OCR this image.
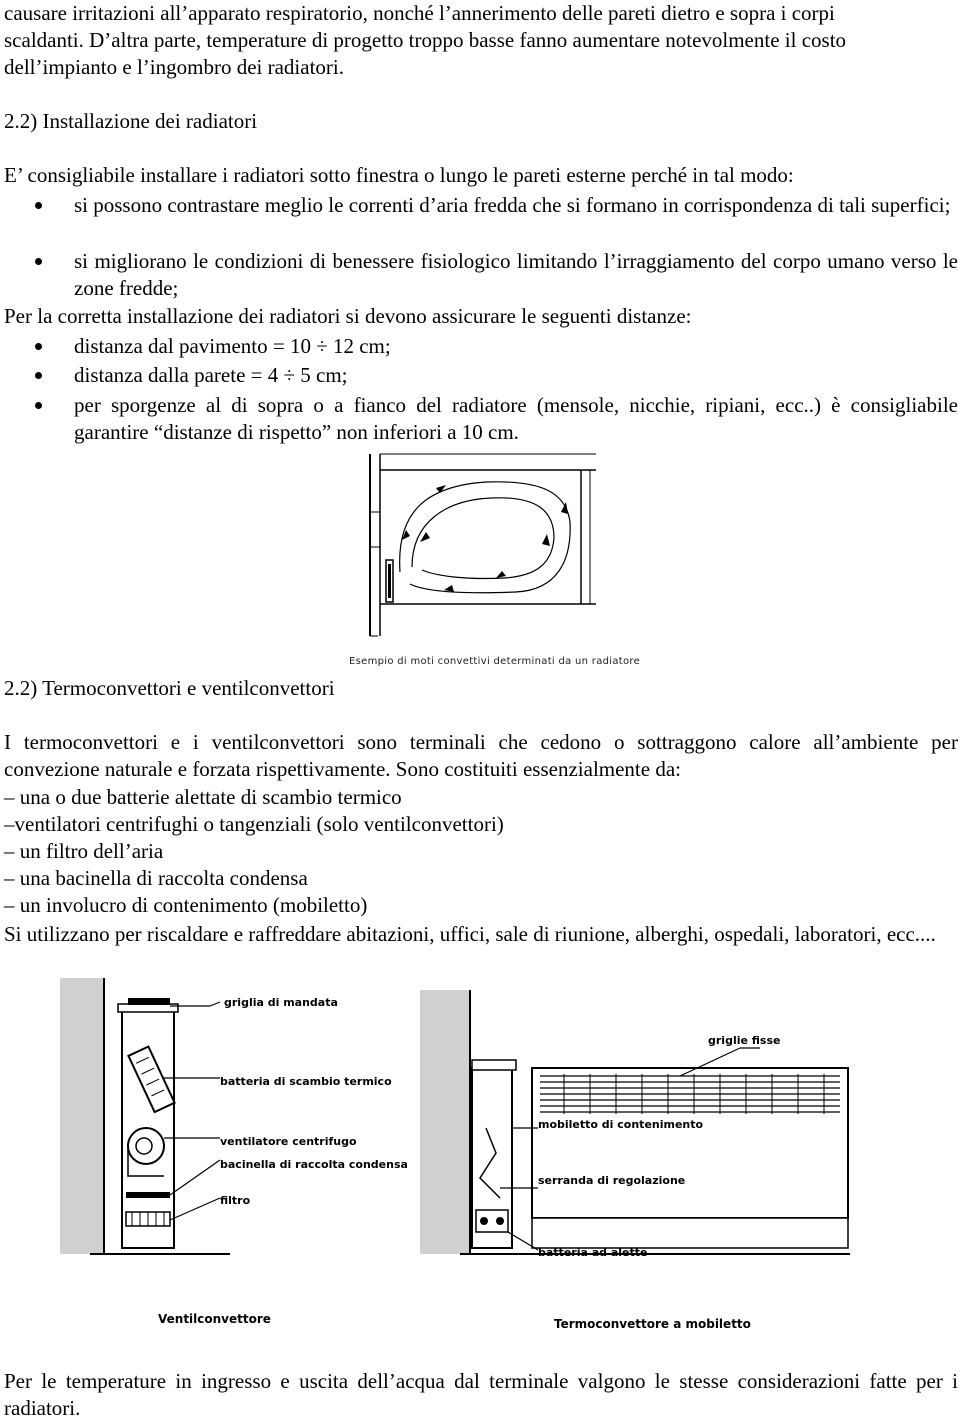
causare irritazioni all’apparato respiratorio, nonché l’annerimento delle pareti dietro e sopra i corpi

scaldanti. D’altra parte, temperature di progetto troppo basse fanno aumentare notevolmente il costo

dell’impianto e l’ingombro dei radiatori.

2.2) Installazione dei radiatori

E’ consigliabile installare i radiatori sotto finestra o lungo le pareti esterne perché in tal modo:

si possono contrastare meglio le correnti d’aria fredda che si formano in corrispondenza di tali superfici;

si migliorano le condizioni di benessere fisiologico limitando l’irraggiamento del corpo umano verso le zone fredde;

Per la corretta installazione dei radiatori si devono assicurare le seguenti distanze:

distanza dal pavimento = 10 ÷ 12 cm;

distanza dalla parete = 4 ÷ 5 cm;

per sporgenze al di sopra o a fianco del radiatore (mensole, nicchie, ripiani, ecc..) è consigliabile garantire “distanze di rispetto” non inferiori a 10 cm.

Esempio di moti convettivi determinati da un radiatore

2.2) Termoconvettori e ventilconvettori

I termoconvettori e i ventilconvettori sono terminali che cedono o sottraggono calore all’ambiente per convezione naturale e forzata rispettivamente. Sono costituiti essenzialmente da:

– una o due batterie alettate di scambio termico

–ventilatori centrifughi o tangenziali (solo ventilconvettori)

– un filtro dell’aria

– una bacinella di raccolta condensa

– un involucro di contenimento (mobiletto)

Si utilizzano per riscaldare e raffreddare abitazioni, uffici, sale di riunione, alberghi, ospedali, laboratori, ecc....

griglia di mandata
batteria di scambio termico
ventilatore centrifugo
bacinella di raccolta condensa
filtro
Ventilconvettore
griglie fisse
mobiletto di contenimento
serranda di regolazione
batteria ad alette
Termoconvettore a mobiletto

Per le temperature in ingresso e uscita dell’acqua dal terminale valgono le stesse considerazioni fatte per i radiatori.
